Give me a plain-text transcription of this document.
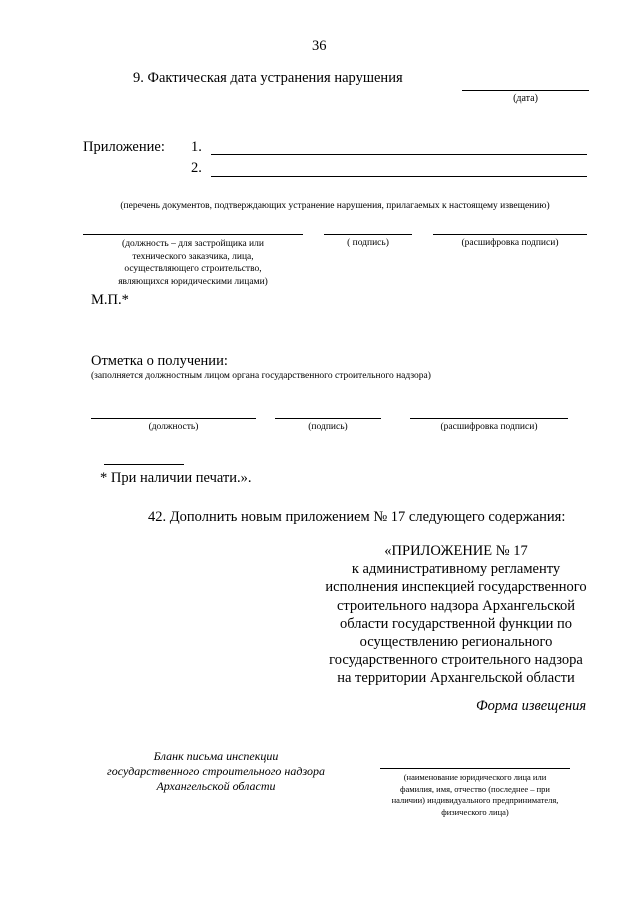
36
9. Фактическая дата устранения нарушения
(дата)
Приложение: 1.
2.
(перечень документов, подтверждающих устранение нарушения, прилагаемых к настоящему извещению)
(должность – для застройщика или
технического заказчика, лица,
осуществляющего строительство,
являющихся юридическими лицами)
( подпись)	(расшифровка подписи)
М.П.*
Отметка о получении:
(заполняется должностным лицом органа государственного строительного надзора)
(должность)	(подпись)	(расшифровка подписи)
* При наличии печати.».
42. Дополнить новым приложением № 17 следующего содержания:
«ПРИЛОЖЕНИЕ № 17
к административному регламенту
исполнения инспекцией государственного
строительного надзора Архангельской
области государственной функции по
осуществлению регионального
государственного строительного надзора
на территории Архангельской области
Форма извещения
Бланк письма инспекции
государственного строительного надзора
Архангельской области
(наименование юридического лица или
фамилия, имя, отчество (последнее – при
наличии) индивидуального предпринимателя,
физического лица)
